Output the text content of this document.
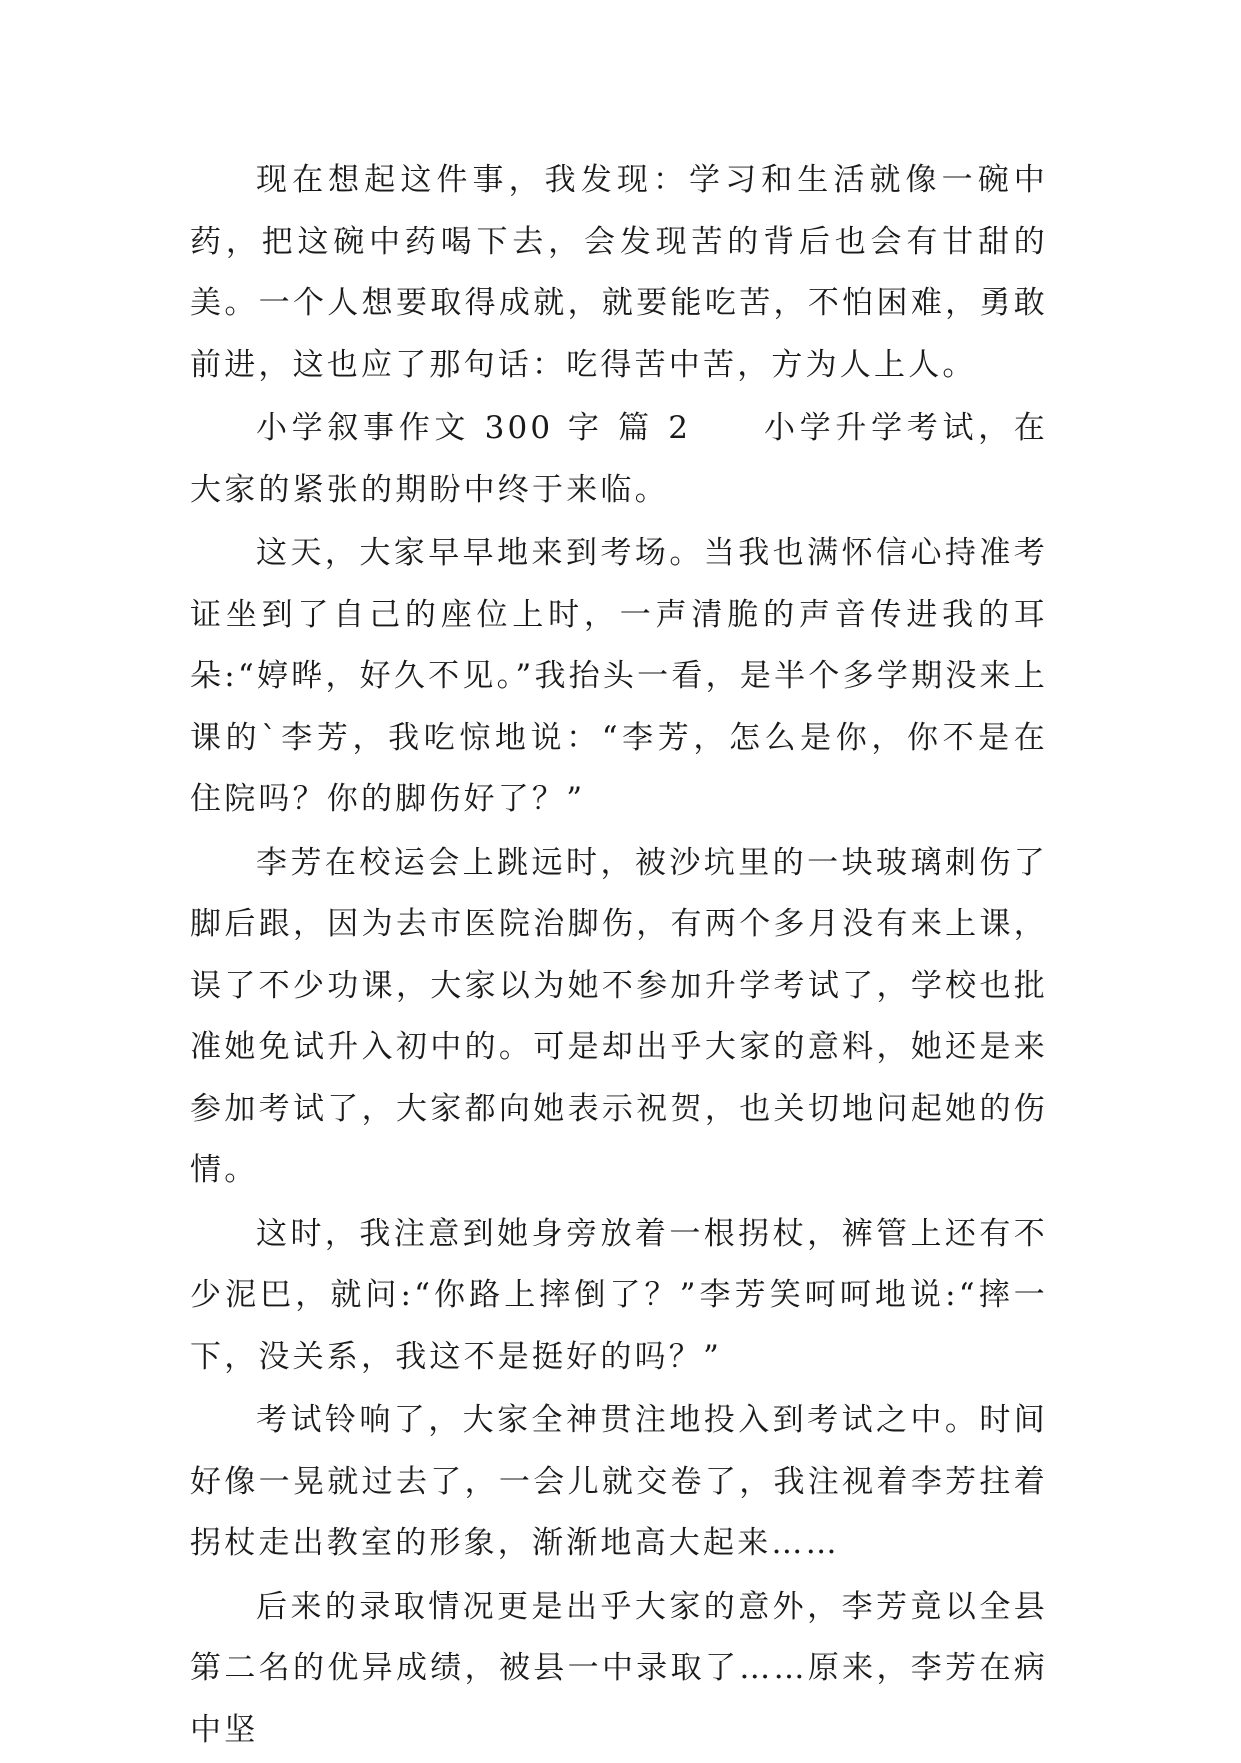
现在想起这件事，我发现：学习和生活就像一碗中药，把这碗中药喝下去，会发现苦的背后也会有甘甜的美。一个人想要取得成就，就要能吃苦，不怕困难，勇敢前进，这也应了那句话：吃得苦中苦，方为人上人。

小学叙事作文 300 字 篇 2　　小学升学考试，在大家的紧张的期盼中终于来临。

这天，大家早早地来到考场。当我也满怀信心持准考证坐到了自己的座位上时，一声清脆的声音传进我的耳朵:“婷晔，好久不见。”我抬头一看，是半个多学期没来上课的`李芳，我吃惊地说：“李芳，怎么是你，你不是在住院吗？你的脚伤好了？”

李芳在校运会上跳远时，被沙坑里的一块玻璃刺伤了脚后跟，因为去市医院治脚伤，有两个多月没有来上课，误了不少功课，大家以为她不参加升学考试了，学校也批准她免试升入初中的。可是却出乎大家的意料，她还是来参加考试了，大家都向她表示祝贺，也关切地问起她的伤情。

这时，我注意到她身旁放着一根拐杖，裤管上还有不少泥巴，就问:“你路上摔倒了？”李芳笑呵呵地说:“摔一下，没关系，我这不是挺好的吗？”

考试铃响了，大家全神贯注地投入到考试之中。时间好像一晃就过去了，一会儿就交卷了，我注视着李芳拄着拐杖走出教室的形象，渐渐地高大起来……

后来的录取情况更是出乎大家的意外，李芳竟以全县第二名的优异成绩，被县一中录取了……原来，李芳在病中坚
